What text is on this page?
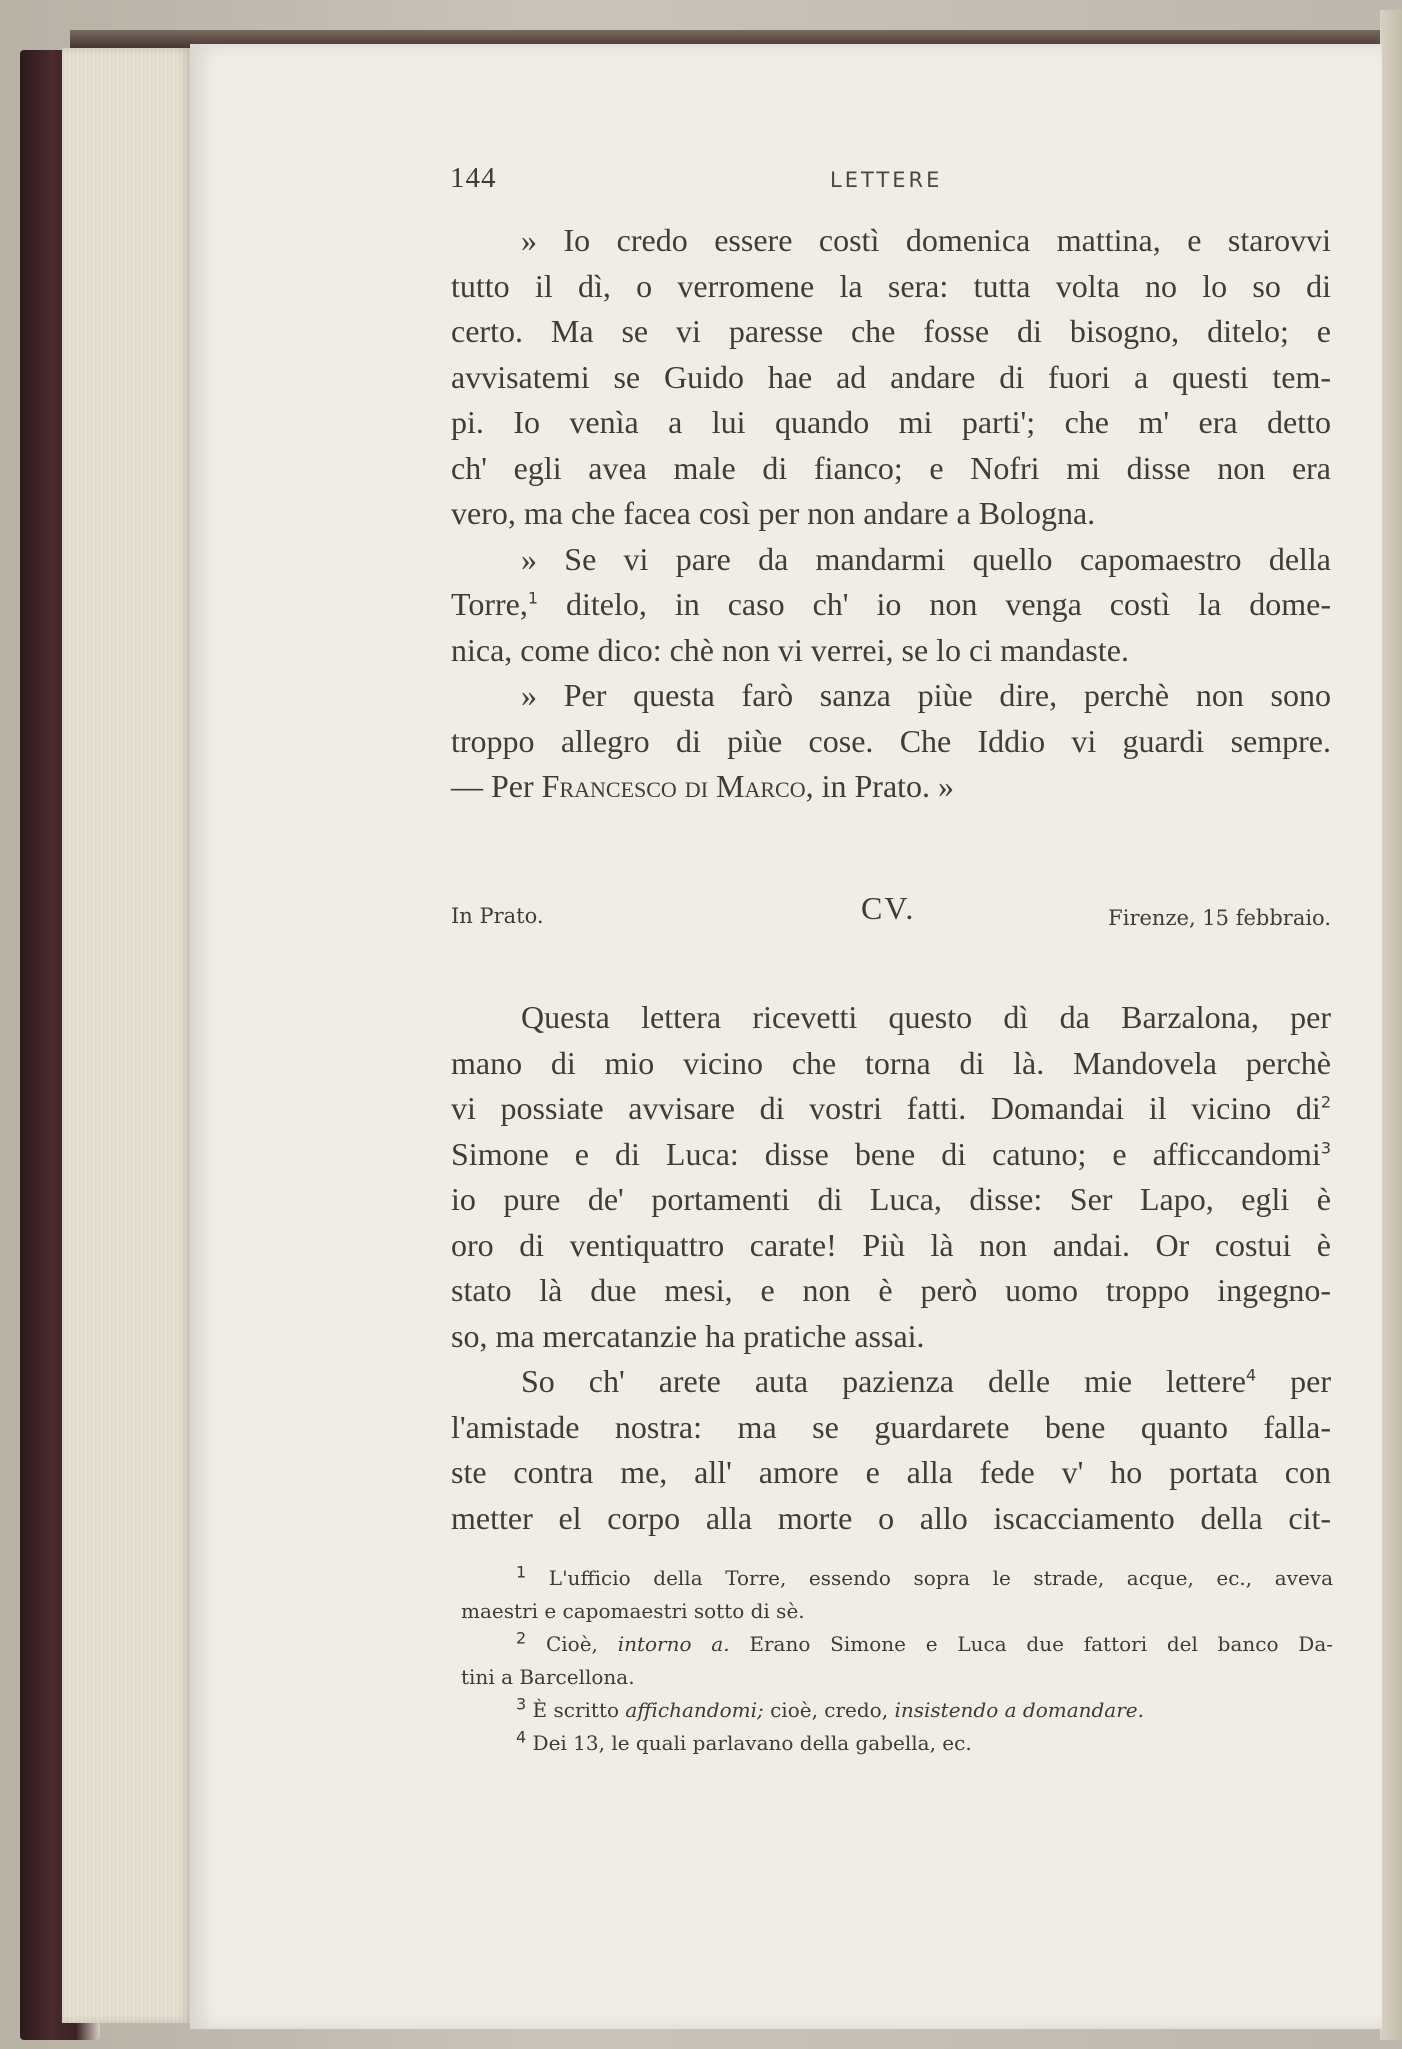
144	LETTERE
» Io credo essere costì domenica mattina, e starovvi
tutto il dì, o verromene la sera: tutta volta no lo so di
certo. Ma se vi paresse che fosse di bisogno, ditelo; e
avvisatemi se Guido hae ad andare di fuori a questi tem-
pi. Io venìa a lui quando mi parti'; che m' era detto
ch' egli avea male di fianco; e Nofri mi disse non era
vero, ma che facea così per non andare a Bologna.
» Se vi pare da mandarmi quello capomaestro della
Torre,$^1$ ditelo, in caso ch' io non venga costì la dome-
nica, come dico: chè non vi verrei, se lo ci mandaste.
» Per questa farò sanza piùe dire, perchè non sono
troppo allegro di piùe cose. Che Iddio vi guardi sempre.
— Per Francesco di Marco, in Prato. »
In Prato.	CV.	Firenze, 15 febbraio.
Questa lettera ricevetti questo dì da Barzalona, per
mano di mio vicino che torna di là. Mandovela perchè
vi possiate avvisare di vostri fatti. Domandai il vicino $di^2$
Simone e di Luca: disse bene di catuno; e afficcandomi$^3$
io pure de' portamenti di Luca, disse: Ser Lapo, egli è
oro di ventiquattro carate! Più là non andai. Or costui è
stato là due mesi, e non è però uomo troppo ingegno-
so, ma mercatanzie ha pratiche assai.
So ch' arete auta pazienza delle mie lettere$^4$ per
l'amistade nostra: ma se guardarete bene quanto falla-
ste contra me, all' amore e alla fede v' ho portata con
metter el corpo alla morte o allo iscacciamento della cit-
$^1$ L'ufficio della Torre, essendo sopra le strade, acque, ec., aveva
maestri e capomaestri sotto di sè.
$^2$ Cioè, intorno a. Erano Simone e Luca due fattori del banco Da-
tini a Barcellona.
$^3$ È scritto affichandomi; cioè, credo, insistendo a domandare.
$^4$ Dei 13, le quali parlavano della gabella, ec.
